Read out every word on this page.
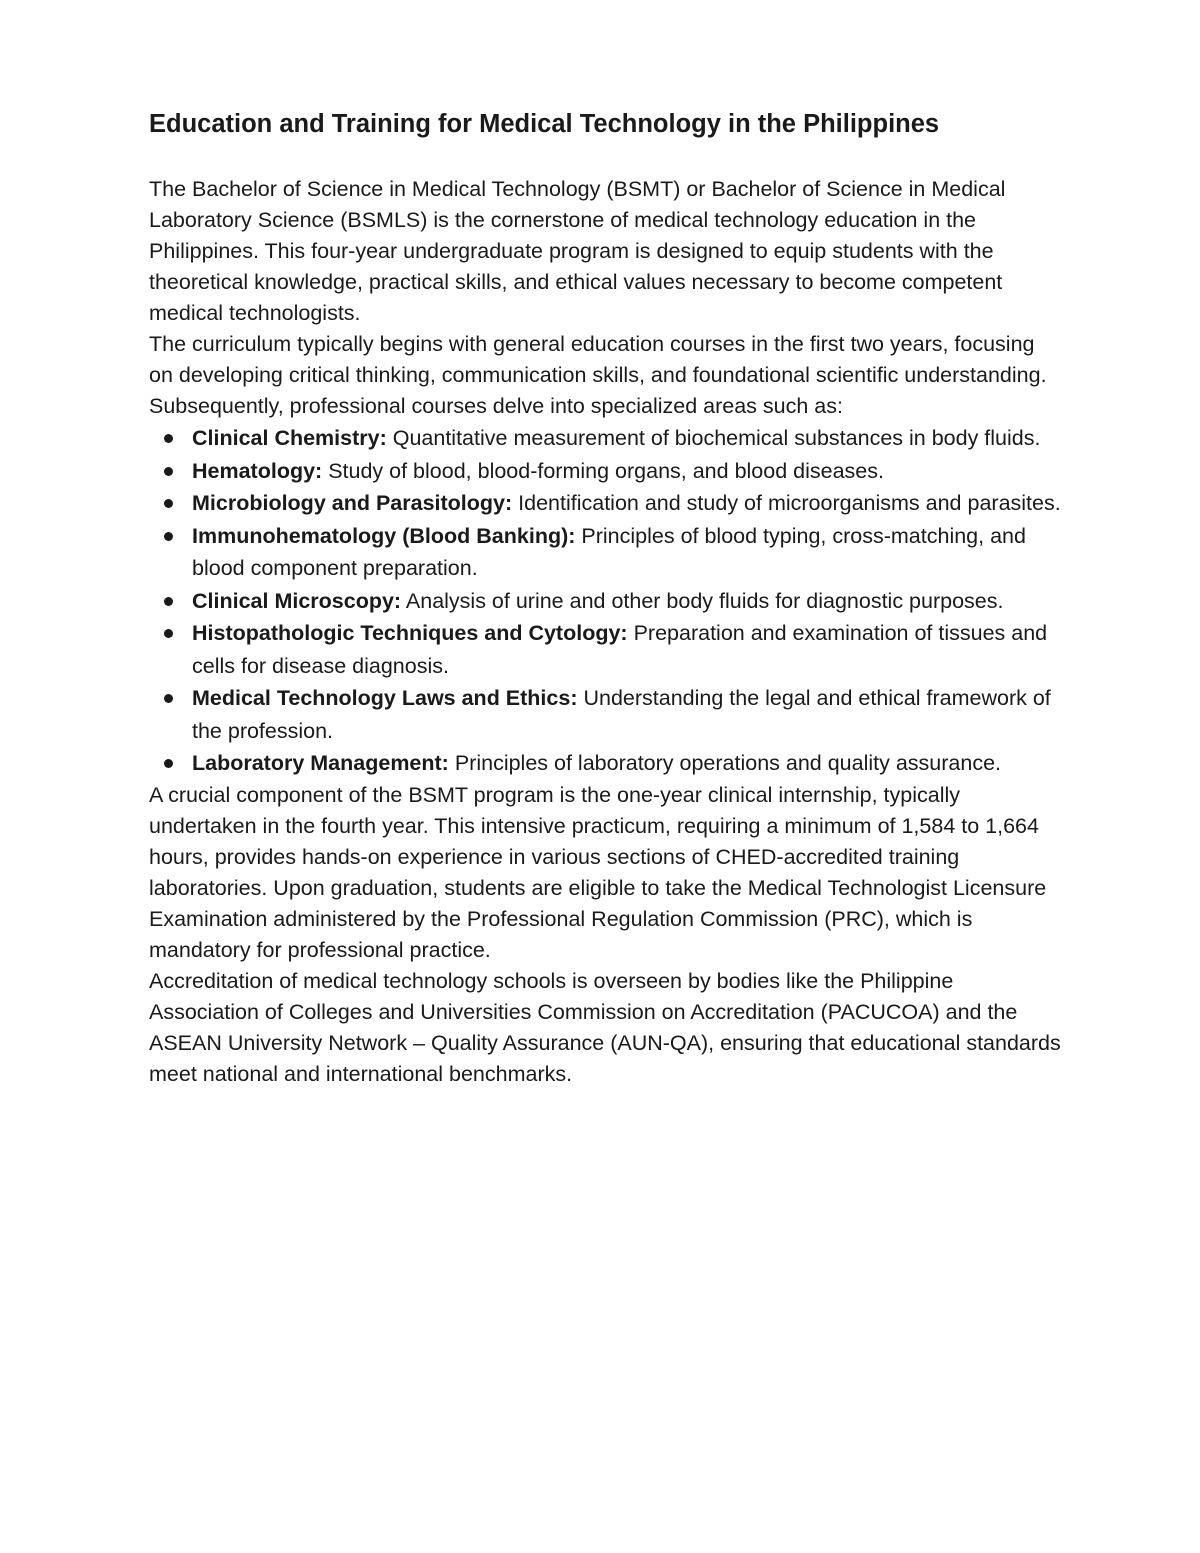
Education and Training for Medical Technology in the Philippines

The Bachelor of Science in Medical Technology (BSMT) or Bachelor of Science in Medical Laboratory Science (BSMLS) is the cornerstone of medical technology education in the Philippines. This four-year undergraduate program is designed to equip students with the theoretical knowledge, practical skills, and ethical values necessary to become competent medical technologists.

The curriculum typically begins with general education courses in the first two years, focusing on developing critical thinking, communication skills, and foundational scientific understanding. Subsequently, professional courses delve into specialized areas such as:

Clinical Chemistry: Quantitative measurement of biochemical substances in body fluids.
Hematology: Study of blood, blood-forming organs, and blood diseases.
Microbiology and Parasitology: Identification and study of microorganisms and parasites.
Immunohematology (Blood Banking): Principles of blood typing, cross-matching, and blood component preparation.
Clinical Microscopy: Analysis of urine and other body fluids for diagnostic purposes.
Histopathologic Techniques and Cytology: Preparation and examination of tissues and cells for disease diagnosis.
Medical Technology Laws and Ethics: Understanding the legal and ethical framework of the profession.
Laboratory Management: Principles of laboratory operations and quality assurance.

A crucial component of the BSMT program is the one-year clinical internship, typically undertaken in the fourth year. This intensive practicum, requiring a minimum of 1,584 to 1,664 hours, provides hands-on experience in various sections of CHED-accredited training laboratories. Upon graduation, students are eligible to take the Medical Technologist Licensure Examination administered by the Professional Regulation Commission (PRC), which is mandatory for professional practice.

Accreditation of medical technology schools is overseen by bodies like the Philippine Association of Colleges and Universities Commission on Accreditation (PACUCOA) and the ASEAN University Network – Quality Assurance (AUN-QA), ensuring that educational standards meet national and international benchmarks.
